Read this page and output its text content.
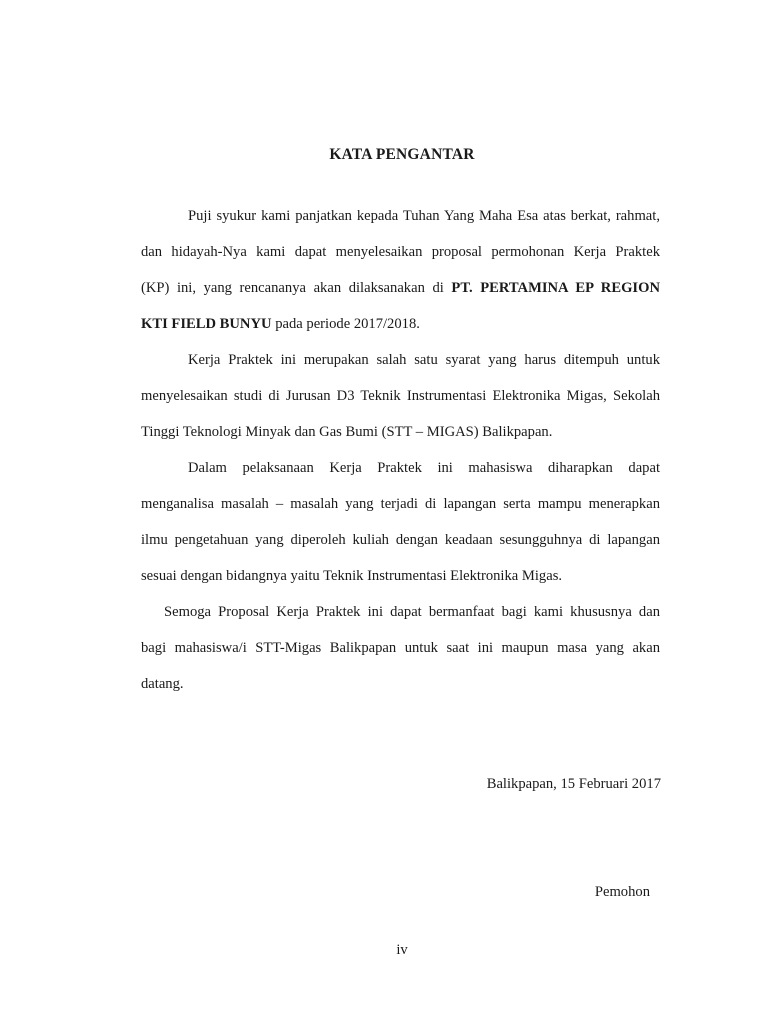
KATA PENGANTAR
Puji syukur kami panjatkan kepada Tuhan Yang Maha Esa atas berkat, rahmat,
dan hidayah-Nya kami dapat menyelesaikan proposal permohonan Kerja Praktek
(KP) ini, yang rencananya akan dilaksanakan di PT. PERTAMINA EP REGION
KTI FIELD BUNYU pada periode 2017/2018.
Kerja Praktek ini merupakan salah satu syarat yang harus ditempuh untuk
menyelesaikan studi di Jurusan D3 Teknik Instrumentasi Elektronika Migas, Sekolah
Tinggi Teknologi Minyak dan Gas Bumi (STT – MIGAS) Balikpapan.
Dalam pelaksanaan Kerja Praktek ini mahasiswa diharapkan dapat
menganalisa masalah – masalah yang terjadi di lapangan serta mampu menerapkan
ilmu pengetahuan yang diperoleh kuliah dengan keadaan sesungguhnya di lapangan
sesuai dengan bidangnya yaitu Teknik Instrumentasi Elektronika Migas.
Semoga Proposal Kerja Praktek ini dapat bermanfaat bagi kami khususnya dan
bagi mahasiswa/i STT-Migas Balikpapan untuk saat ini maupun masa yang akan
datang.
Balikpapan, 15 Februari 2017
Pemohon
iv
